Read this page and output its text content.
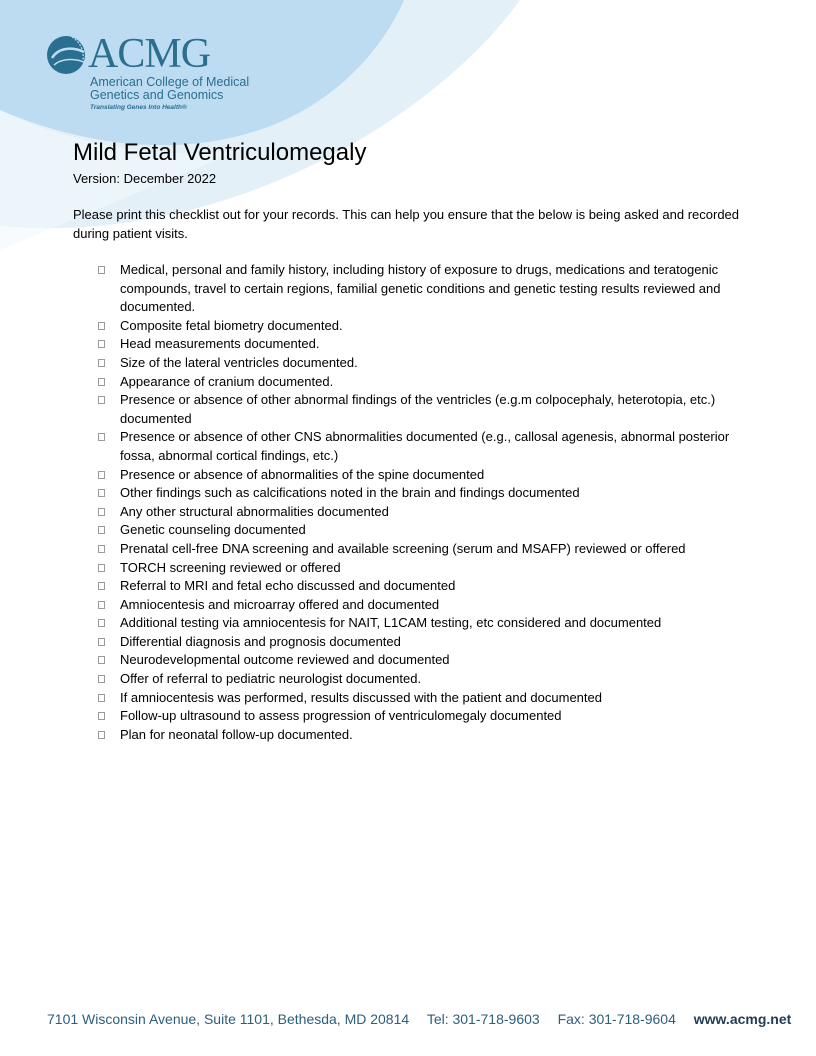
ACMG
American College of Medical
Genetics and Genomics
Translating Genes Into Health®
Mild Fetal Ventriculomegaly
Version: December 2022
Please print this checklist out for your records. This can help you ensure that the below is being asked and recorded during patient visits.
Medical, personal and family history, including history of exposure to drugs, medications and teratogenic compounds, travel to certain regions, familial genetic conditions and genetic testing results reviewed and documented.
Composite fetal biometry documented.
Head measurements documented.
Size of the lateral ventricles documented.
Appearance of cranium documented.
Presence or absence of other abnormal findings of the ventricles (e.g.m colpocephaly, heterotopia, etc.) documented
Presence or absence of other CNS abnormalities documented (e.g., callosal agenesis, abnormal posterior fossa, abnormal cortical findings, etc.)
Presence or absence of abnormalities of the spine documented
Other findings such as calcifications noted in the brain and findings documented
Any other structural abnormalities documented
Genetic counseling documented
Prenatal cell-free DNA screening and available screening (serum and MSAFP) reviewed or offered
TORCH screening reviewed or offered
Referral to MRI and fetal echo discussed and documented
Amniocentesis and microarray offered and documented
Additional testing via amniocentesis for NAIT, L1CAM testing, etc considered and documented
Differential diagnosis and prognosis documented
Neurodevelopmental outcome reviewed and documented
Offer of referral to pediatric neurologist documented.
If amniocentesis was performed, results discussed with the patient and documented
Follow-up ultrasound to assess progression of ventriculomegaly documented
Plan for neonatal follow-up documented.
7101 Wisconsin Avenue, Suite 1101, Bethesda, MD 20814 Tel: 301-718-9603 Fax: 301-718-9604 www.acmg.net
